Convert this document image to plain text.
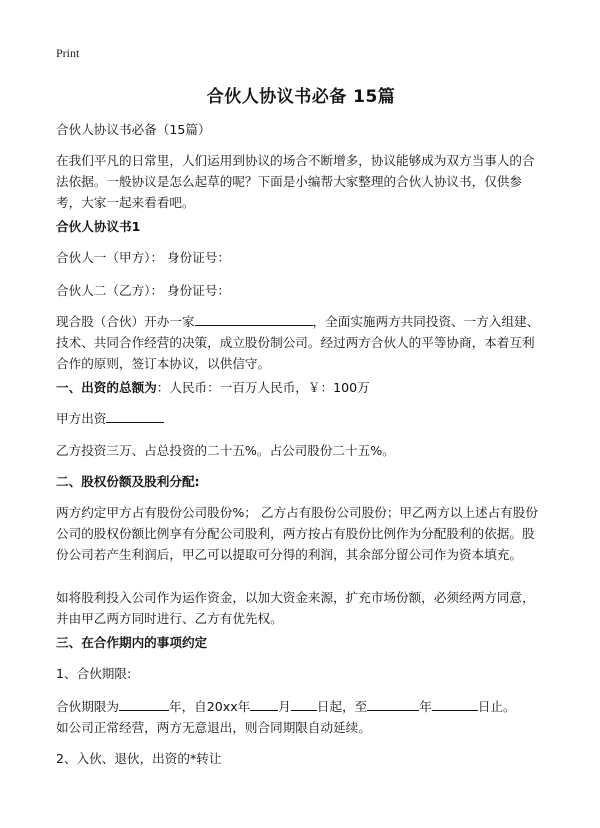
Print
合伙人协议书必备 15篇

合伙人协议书必备（15篇）

在我们平凡的日常里，人们运用到协议的场合不断增多，协议能够成为双方当事人的合法依据。一般协议是怎么起草的呢？下面是小编帮大家整理的合伙人协议书，仅供参考，大家一起来看看吧。

合伙人协议书1

合伙人一（甲方）： 身份证号：

合伙人二（乙方）： 身份证号：

现合股（合伙）开办一家	，全面实施两方共同投资、一方入组建、技术、共同合作经营的决策，成立股份制公司。经过两方合伙人的平等协商，本着互利合作的原则，签订本协议，以供信守。

一、出资的总额为：人民币：一百万人民币，￥：100万

甲方出资

乙方投资三万、占总投资的二十五%。占公司股份二十五%。

二、股权份额及股利分配:

两方约定甲方占有股份公司股份%； 乙方占有股份公司股份；甲乙两方以上述占有股份公司的股权份额比例享有分配公司股利，两方按占有股份比例作为分配股利的依据。股份公司若产生利润后，甲乙可以提取可分得的利润，其余部分留公司作为资本填充。

如将股利投入公司作为运作资金，以加大资金来源，扩充市场份额，必须经两方同意，并由甲乙两方同时进行、乙方有优先权。

三、在合作期内的事项约定

1、合伙期限:

合伙期限为	年，自20xx年 月 日起，至	年	日止。

如公司正常经营，两方无意退出，则合同期限自动延续。

2、入伙、退伙，出资的*转让
